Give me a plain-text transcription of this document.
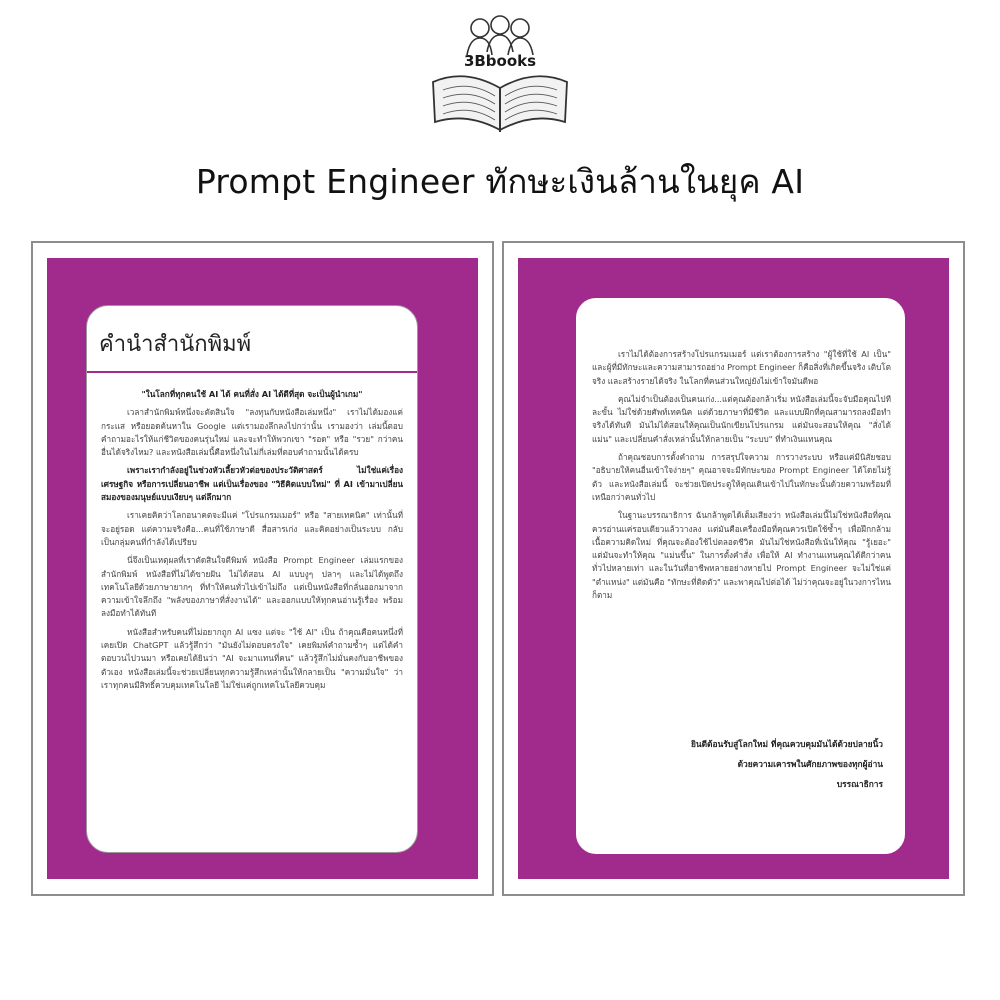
3Bbooks
Prompt Engineer ทักษะเงินล้านในยุค AI
คำนำสำนักพิมพ์

"ในโลกที่ทุกคนใช้ AI ได้ คนที่สั่ง AI ได้ดีที่สุด จะเป็นผู้นำเกม"

เวลาสำนักพิมพ์หนึ่งจะตัดสินใจ "ลงทุนกับหนังสือเล่มหนึ่ง" เราไม่ได้มองแค่กระแส หรือยอดค้นหาใน Google แต่เรามองลึกลงไปกว่านั้น เรามองว่า เล่มนี้ตอบคำถามอะไรให้แก่ชีวิตของคนรุ่นใหม่ และจะทำให้พวกเขา "รอด" หรือ "รวย" กว่าคนอื่นได้จริงไหม? และหนังสือเล่มนี้คือหนึ่งในไม่กี่เล่มที่ตอบคำถามนั้นได้ครบ

เพราะเรากำลังอยู่ในช่วงหัวเลี้ยวหัวต่อของประวัติศาสตร์ ไม่ใช่แค่เรื่องเศรษฐกิจ หรือการเปลี่ยนอาชีพ แต่เป็นเรื่องของ "วิธีคิดแบบใหม่" ที่ AI เข้ามาเปลี่ยนสมองของมนุษย์แบบเงียบๆ แต่ลึกมาก

เราเคยคิดว่าโลกอนาคตจะมีแค่ "โปรแกรมเมอร์" หรือ "สายเทคนิค" เท่านั้นที่จะอยู่รอด แต่ความจริงคือ...คนที่ใช้ภาษาดี สื่อสารเก่ง และคิดอย่างเป็นระบบ กลับเป็นกลุ่มคนที่กำลังได้เปรียบ

นี่จึงเป็นเหตุผลที่เราตัดสินใจตีพิมพ์ หนังสือ Prompt Engineer เล่มแรกของสำนักพิมพ์ หนังสือที่ไม่ได้ขายฝัน ไม่ได้สอน AI แบบงูๆ ปลาๆ และไม่ได้พูดถึงเทคโนโลยีด้วยภาษายากๆ ที่ทำให้คนทั่วไปเข้าไม่ถึง แต่เป็นหนังสือที่กลั่นออกมาจากความเข้าใจลึกถึง "พลังของภาษาที่สั่งงานได้" และออกแบบให้ทุกคนอ่านรู้เรื่อง พร้อมลงมือทำได้ทันที

หนังสือสำหรับคนที่ไม่อยากถูก AI แซง แต่จะ "ใช้ AI" เป็น ถ้าคุณคือคนหนึ่งที่เคยเปิด ChatGPT แล้วรู้สึกว่า "มันยังไม่ตอบตรงใจ" เคยพิมพ์คำถามซ้ำๆ แต่ได้คำตอบวนไปวนมา หรือเคยได้ยินว่า "AI จะมาแทนที่คน" แล้วรู้สึกไม่มั่นคงกับอาชีพของตัวเอง หนังสือเล่มนี้จะช่วยเปลี่ยนทุกความรู้สึกเหล่านั้นให้กลายเป็น "ความมั่นใจ" ว่าเราทุกคนมีสิทธิ์ควบคุมเทคโนโลยี ไม่ใช่แค่ถูกเทคโนโลยีควบคุม

เราไม่ได้ต้องการสร้างโปรแกรมเมอร์ แต่เราต้องการสร้าง "ผู้ใช้ที่ใช้ AI เป็น" และผู้ที่มีทักษะและความสามารถอย่าง Prompt Engineer ก็คือสิ่งที่เกิดขึ้นจริง เติบโตจริง และสร้างรายได้จริง ในโลกที่คนส่วนใหญ่ยังไม่เข้าใจมันดีพอ

คุณไม่จำเป็นต้องเป็นคนเก่ง...แต่คุณต้องกล้าเริ่ม หนังสือเล่มนี้จะจับมือคุณไปทีละขั้น ไม่ใช่ด้วยศัพท์เทคนิค แต่ด้วยภาษาที่มีชีวิต และแบบฝึกที่คุณสามารถลงมือทำจริงได้ทันที มันไม่ได้สอนให้คุณเป็นนักเขียนโปรแกรม แต่มันจะสอนให้คุณ "สั่งได้แม่น" และเปลี่ยนคำสั่งเหล่านั้นให้กลายเป็น "ระบบ" ที่ทำเงินแทนคุณ

ถ้าคุณชอบการตั้งคำถาม การสรุปใจความ การวางระบบ หรือแค่มีนิสัยชอบ "อธิบายให้คนอื่นเข้าใจง่ายๆ" คุณอาจจะมีทักษะของ Prompt Engineer ได้โดยไม่รู้ตัว และหนังสือเล่มนี้ จะช่วยเปิดประตูให้คุณเดินเข้าไปในทักษะนั้นด้วยความพร้อมที่เหนือกว่าคนทั่วไป

ในฐานะบรรณาธิการ ฉันกล้าพูดได้เต็มเสียงว่า หนังสือเล่มนี้ไม่ใช่หนังสือที่คุณควรอ่านแค่รอบเดียวแล้ววางลง แต่มันคือเครื่องมือที่คุณควรเปิดใช้ซ้ำๆ เพื่อฝึกกล้ามเนื้อความคิดใหม่ ที่คุณจะต้องใช้ไปตลอดชีวิต มันไม่ใช่หนังสือที่เน้นให้คุณ "รู้เยอะ" แต่มันจะทำให้คุณ "แม่นขึ้น" ในการตั้งคำสั่ง เพื่อให้ AI ทำงานแทนคุณได้ดีกว่าคนทั่วไปหลายเท่า และในวันที่อาชีพหลายอย่างหายไป Prompt Engineer จะไม่ใช่แค่ "ตำแหน่ง" แต่มันคือ "ทักษะที่ติดตัว" และพาคุณไปต่อได้ ไม่ว่าคุณจะอยู่ในวงการไหนก็ตาม

ยินดีต้อนรับสู่โลกใหม่ ที่คุณควบคุมมันได้ด้วยปลายนิ้ว
ด้วยความเคารพในศักยภาพของทุกผู้อ่าน
บรรณาธิการ
